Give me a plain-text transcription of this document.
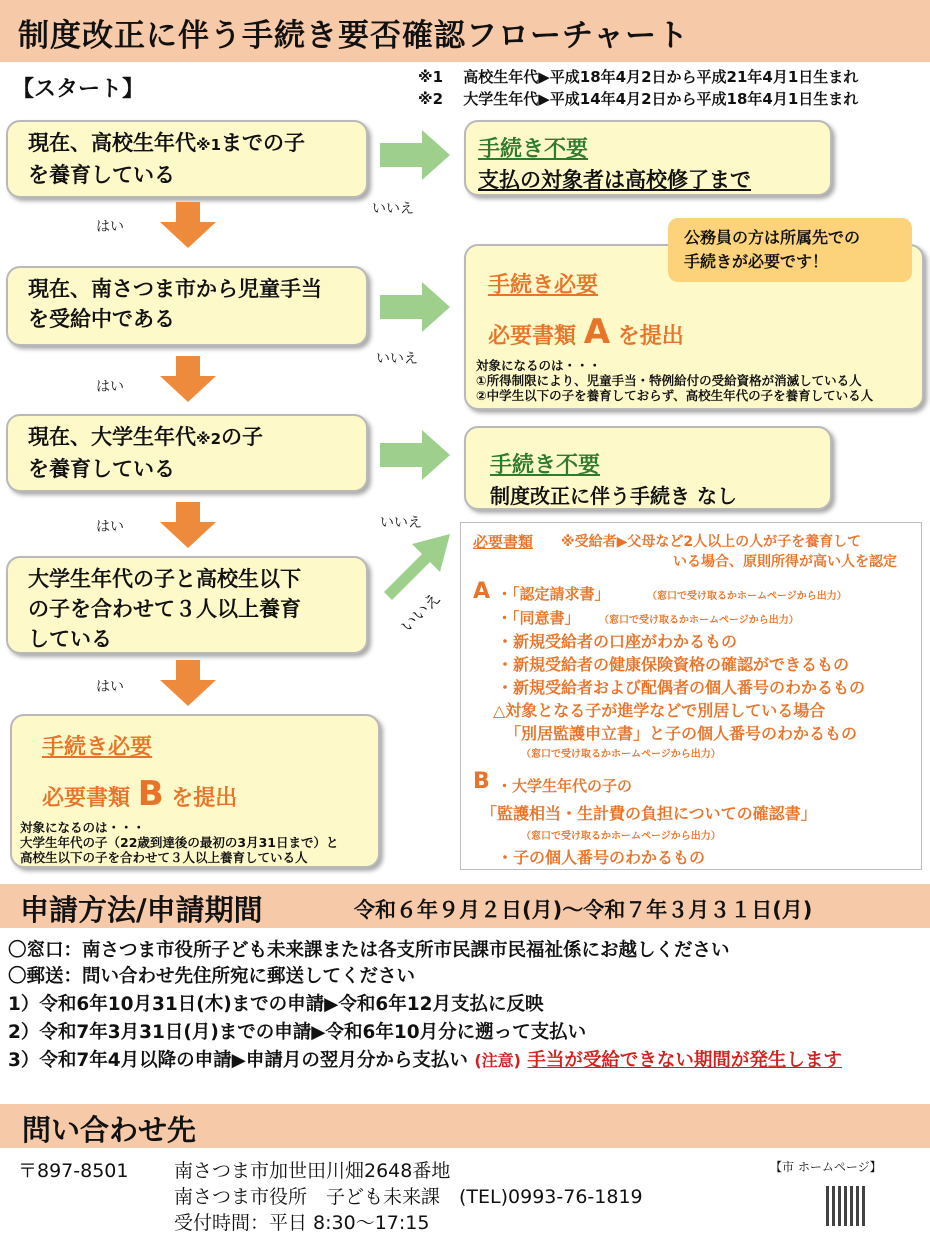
制度改正に伴う手続き要否確認フローチャート
【スタート】	※1　 高校生年代▶平成18年4月2日から平成21年4月1日生まれ
※2　 大学生年代▶平成14年4月2日から平成18年4月1日生まれ
現在、高校生年代※1までの子
を養育している
現在、南さつま市から児童手当
を受給中である
現在、大学生年代※2の子
を養育している
大学生年代の子と高校生以下
の子を合わせて３人以上養育
している
はい
はい
はい
はい
いいえ
いいえ
いいえ
いいえ
手続き不要
支払の対象者は高校修了まで
手続き必要
必要書類 A を提出
対象になるのは・・・
①所得制限により、児童手当・特例給付の受給資格が消滅している人
②中学生以下の子を養育しておらず、高校生年代の子を養育している人
公務員の方は所属先での
手続きが必要です！
手続き不要
制度改正に伴う手続き なし
手続き必要
必要書類 B を提出
対象になるのは・・・
大学生年代の子（22歳到達後の最初の3月31日まで）と
高校生以下の子を合わせて３人以上養育している人
必要書類 ※受給者▶父母など2人以上の人が子を養育して
いる場合、原則所得が高い人を認定
A ・「認定請求書」	（窓口で受け取るかホームページから出力）
・「同意書」 （窓口で受け取るかホームページから出力）
・新規受給者の口座がわかるもの
・新規受給者の健康保険資格の確認ができるもの
・新規受給者および配偶者の個人番号のわかるもの
△対象となる子が進学などで別居している場合
「別居監護申立書」と子の個人番号のわかるもの
（窓口で受け取るかホームページから出力）
B ・大学生年代の子の
「監護相当・生計費の負担についての確認書」
（窓口で受け取るかホームページから出力）
・子の個人番号のわかるもの
申請方法/申請期間	令和６年９月２日(月)～令和７年３月３１日(月)
〇窓口：南さつま市役所子ども未来課または各支所市民課市民福祉係にお越しください
〇郵送：問い合わせ先住所宛に郵送してください
1）令和6年10月31日(木)までの申請▶令和6年12月支払に反映
2）令和7年3月31日(月)までの申請▶令和6年10月分に遡って支払い
3）令和7年4月以降の申請▶申請月の翌月分から支払い (注意) 手当が受給できない期間が発生します
問い合わせ先
〒897-8501 南さつま市加世田川畑2648番地
南さつま市役所　子ども未来課　(TEL)0993-76-1819
受付時間：平日 8:30～17:15
【市 ホームページ】
